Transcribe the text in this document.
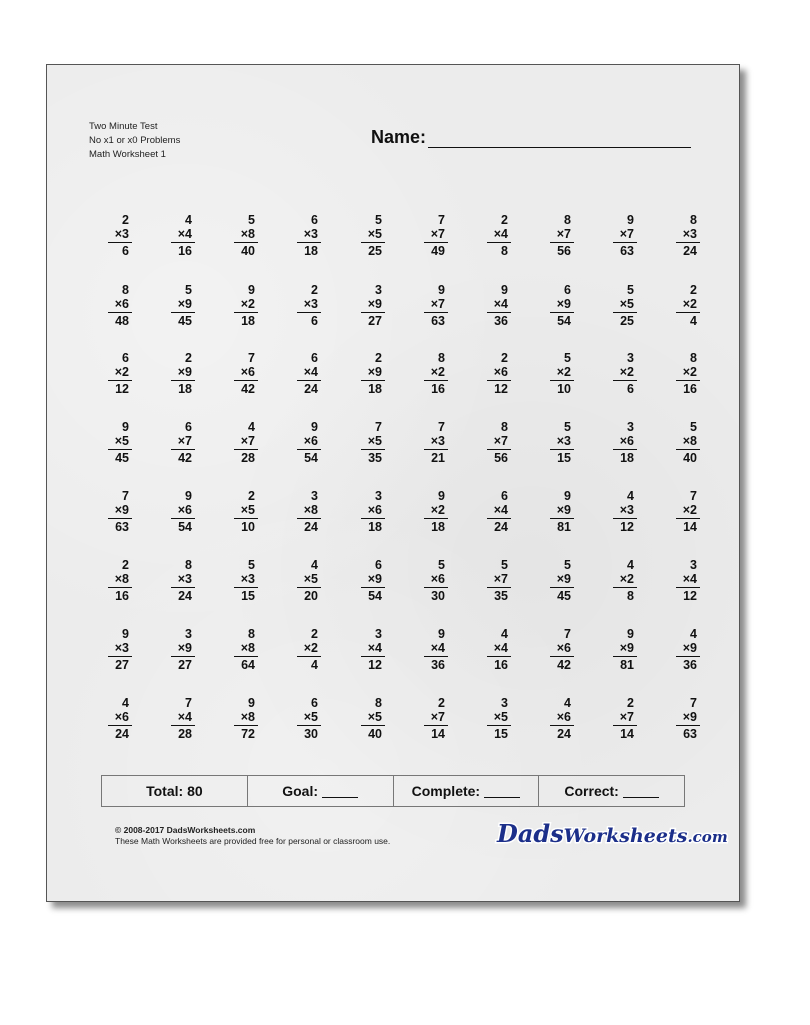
Two Minute Test
No x1 or x0 Problems
Math Worksheet 1
Name:
2
×3
6
4
×4
16
5
×8
40
6
×3
18
5
×5
25
7
×7
49
2
×4
8
8
×7
56
9
×7
63
8
×3
24
8
×6
48
5
×9
45
9
×2
18
2
×3
6
3
×9
27
9
×7
63
9
×4
36
6
×9
54
5
×5
25
2
×2
4
6
×2
12
2
×9
18
7
×6
42
6
×4
24
2
×9
18
8
×2
16
2
×6
12
5
×2
10
3
×2
6
8
×2
16
9
×5
45
6
×7
42
4
×7
28
9
×6
54
7
×5
35
7
×3
21
8
×7
56
5
×3
15
3
×6
18
5
×8
40
7
×9
63
9
×6
54
2
×5
10
3
×8
24
3
×6
18
9
×2
18
6
×4
24
9
×9
81
4
×3
12
7
×2
14
2
×8
16
8
×3
24
5
×3
15
4
×5
20
6
×9
54
5
×6
30
5
×7
35
5
×9
45
4
×2
8
3
×4
12
9
×3
27
3
×9
27
8
×8
64
2
×2
4
3
×4
12
9
×4
36
4
×4
16
7
×6
42
9
×9
81
4
×9
36
4
×6
24
7
×4
28
9
×8
72
6
×5
30
8
×5
40
2
×7
14
3
×5
15
4
×6
24
2
×7
14
7
×9
63
Total: 80	Goal:	Complete:	Correct:
© 2008-2017 DadsWorksheets.com
These Math Worksheets are provided free for personal or classroom use.	DadsWorksheets.com
